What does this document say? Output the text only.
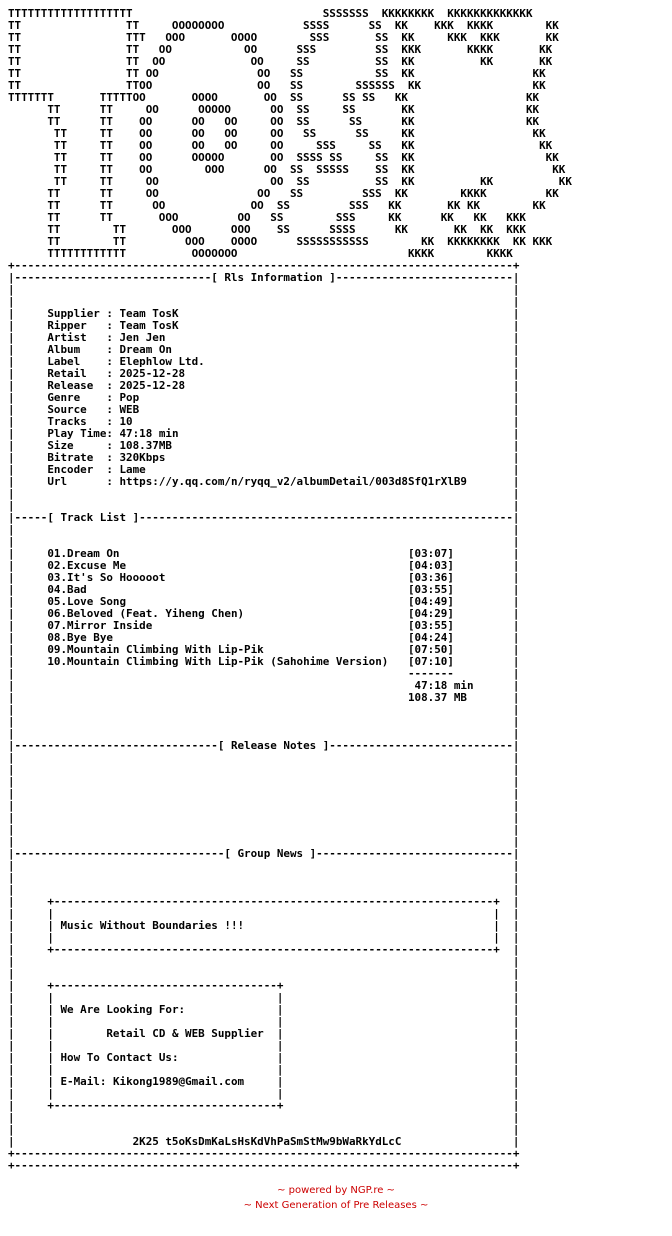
TTTTTTTTTTTTTTTTTTT                             SSSSSSS  KKKKKKKK  KKKKKKKKKKKKK
TT                TT     OOOOOOOO            SSSS      SS  KK    KKK  KKKK        KK
TT                TTT   OOO       OOOO        SSS       SS  KK     KKK  KKK       KK
TT                TT   OO           OO      SSS         SS  KKK       KKKK       KK
TT                TT  OO             OO     SS          SS  KK          KK       KK
TT                TT OO               OO   SS           SS  KK                  KK
TT                TTOO                OO   SS        SSSSSS  KK                 KK
TTTTTTT       TTTTTOO       OOOO       OO  SS      SS SS   KK                  KK
TT      TT     OO      OOOOO      OO  SS     SS       KK                 KK
TT      TT    OO      OO   OO     OO  SS      SS      KK                 KK
TT     TT    OO      OO   OO     OO   SS      SS     KK                  KK
TT     TT    OO      OO   OO     OO     SSS     SS   KK                   KK
TT     TT    OO      OOOOO       OO  SSSS SS     SS  KK                    KK
TT     TT    OO        OOO      OO  SS  SSSSS    SS  KK                     KK
TT     TT     OO                 OO  SS          SS  KK          KK          KK
TT      TT     OO               OO   SS         SSS  KK        KKKK         KK
TT      TT      OO             OO  SS         SSS   KK       KK KK        KK
TT      TT       OOO         OO   SS        SSS     KK      KK   KK   KKK
TT        TT       OOO      OOO    SS      SSSS      KK       KK  KK  KKK
TT        TT         OOO    OOOO      SSSSSSSSSSS        KK  KKKKKKKK  KK KKK
TTTTTTTTTTTT          OOOOOOO                          KKKK        KKKK
+----------------------------------------------------------------------------+
|------------------------------[ Rls Information ]---------------------------|
|                                                                            |
|                                                                            |
|	Supplier : Team TosK	|
|	Ripper   : Team TosK	|
|	Artist   : Jen Jen	|
|	Album    : Dream On	|
|	Label    : Elephlow Ltd.	|
|	Retail   : 2025-12-28	|
|	Release  : 2025-12-28	|
|	Genre    : Pop	|
|	Source   : WEB	|
|	Tracks   : 10	|
|	Play Time: 47:18 min	|
|	Size     : 108.37MB	|
|	Bitrate  : 320Kbps	|
|	Encoder  : Lame	|
|	Url      : https://y.qq.com/n/ryqq_v2/albumDetail/003d8SfQ1rXlB9	|
|                                                                            |
|                                                                            |
|-----[ Track List ]---------------------------------------------------------|
|                                                                            |
|                                                                            |
|	01.Dream On                                            [03:07]	|
|	02.Excuse Me                                           [04:03]	|
|	03.It's So Hooooot                                     [03:36]	|
|	04.Bad                                                 [03:55]	|
|	05.Love Song                                           [04:49]	|
|	06.Beloved (Feat. Yiheng Chen)                         [04:29]	|
|	07.Mirror Inside                                       [03:55]	|
|	08.Bye Bye                                             [04:24]	|
|	09.Mountain Climbing With Lip-Pik                      [07:50]	|
|	10.Mountain Climbing With Lip-Pik (Sahohime Version)   [07:10]	|
|	-------	|
|	47:18 min	|
|	108.37 MB	|
|                                                                            |
|                                                                            |
|                                                                            |
|-------------------------------[ Release Notes ]----------------------------|
|                                                                            |
|                                                                            |
|                                                                            |
|                                                                            |
|                                                                            |
|                                                                            |
|                                                                            |
|                                                                            |
|--------------------------------[ Group News ]------------------------------|
|                                                                            |
|                                                                            |
|                                                                            |
|	+-------------------------------------------------------------------+  |
|	|                                                                   |  |
|	| Music Without Boundaries !!!                                      |  |
|	|                                                                   |  |
|	+-------------------------------------------------------------------+  |
|                                                                            |
|                                                                            |
|	+----------------------------------+	|
|	|                                  |	|
|	| We Are Looking For:              |	|
|	|                                  |	|
|	|        Retail CD & WEB Supplier  |	|
|	|                                  |	|
|	| How To Contact Us:               |	|
|	|                                  |	|
|	| E-Mail: Kikong1989@Gmail.com     |	|
|	|                                  |	|
|	+----------------------------------+	|
|                                                                            |
|                                                                            |
|	2K25 t5oKsDmKaLsHsKdVhPaSmStMw9bWaRkYdLcC	|
+----------------------------------------------------------------------------+
+----------------------------------------------------------------------------+
~ powered by NGP.re ~
~ Next Generation of Pre Releases ~
